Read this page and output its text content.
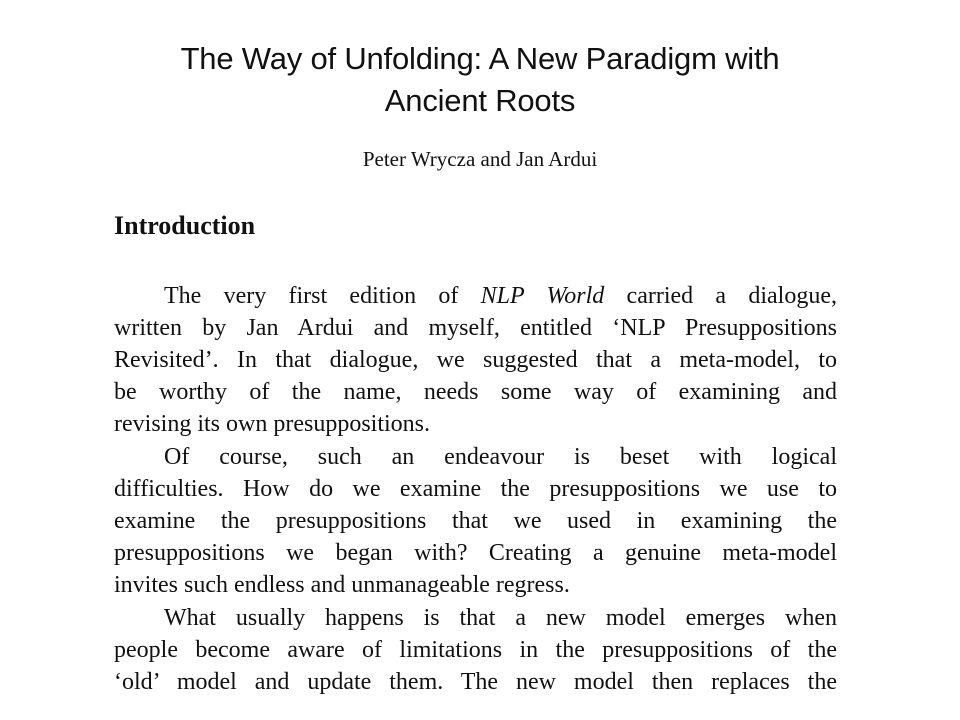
The Way of Unfolding: A New Paradigm with
Ancient Roots
Peter Wrycza and Jan Ardui
Introduction
The very first edition of NLP World carried a dialogue,
written by Jan Ardui and myself, entitled ‘NLP Presuppositions
Revisited’. In that dialogue, we suggested that a meta-model, to
be worthy of the name, needs some way of examining and
revising its own presuppositions.
Of course, such an endeavour is beset with logical
difficulties. How do we examine the presuppositions we use to
examine the presuppositions that we used in examining the
presuppositions we began with? Creating a genuine meta-model
invites such endless and unmanageable regress.
What usually happens is that a new model emerges when
people become aware of limitations in the presuppositions of the
‘old’ model and update them. The new model then replaces the
